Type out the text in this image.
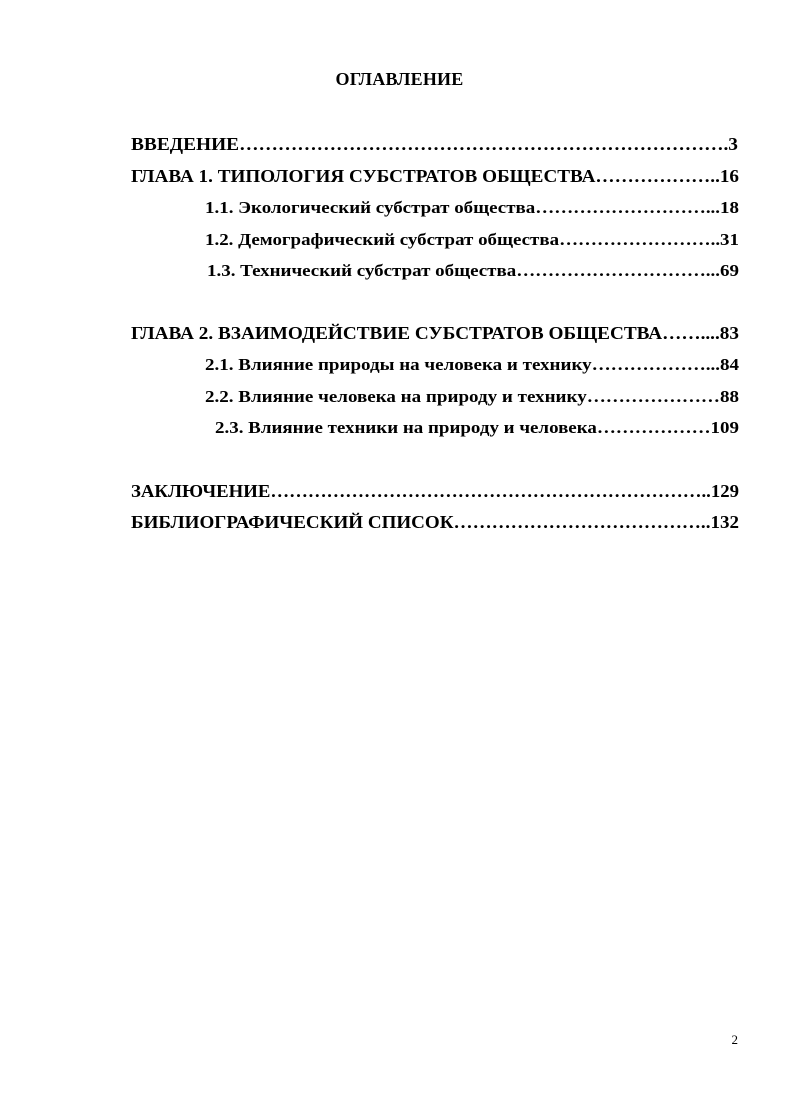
ОГЛАВЛЕНИЕ
ВВЕДЕНИЕ………………………………………………………………….3
ГЛАВА 1. ТИПОЛОГИЯ СУБСТРАТОВ ОБЩЕСТВА………………..16
1.1. Экологический субстрат общества………………………...18
1.2. Демографический субстрат общества……………………..31
1.3. Технический субстрат общества…………………………...69
ГЛАВА 2. ВЗАИМОДЕЙСТВИЕ СУБСТРАТОВ ОБЩЕСТВА……....83
2.1. Влияние природы на человека и технику………………...84
2.2. Влияние человека на природу и технику…………………88
2.3. Влияние техники на природу и человека………………109
ЗАКЛЮЧЕНИЕ……………………………………………………………..129
БИБЛИОГРАФИЧЕСКИЙ СПИСОК…………………………………..132
2
